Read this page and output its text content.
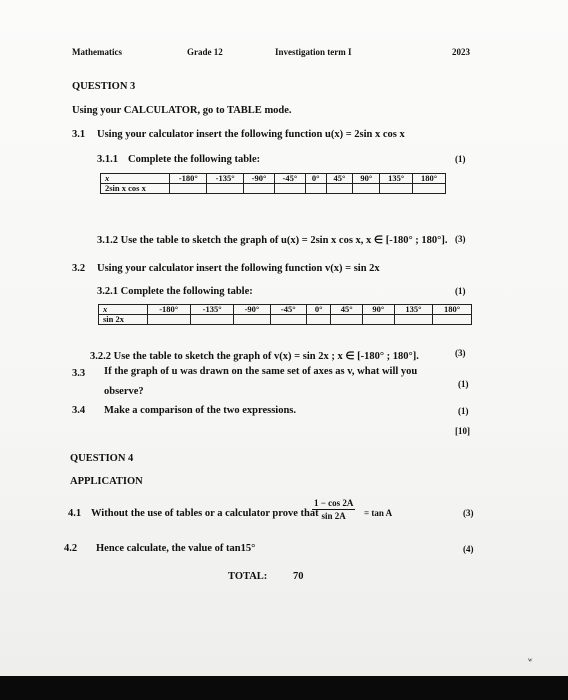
Mathematics	Grade 12	Investigation term I	2023
QUESTION 3
Using your CALCULATOR, go to TABLE mode.
3.1 Using your calculator insert the following function u(x) = 2sin x cos x
3.1.1 Complete the following table:	(1)
x	-180°	-135°	-90°	-45°	0°	45°	90°	135°	180°
2sin x cos x									
3.1.2 Use the table to sketch the graph of u(x) = 2sin x cos x, x ∈ [-180° ; 180°]. (3)
3.2 Using your calculator insert the following function v(x) = sin 2x
3.2.1 Complete the following table:	(1)
x	-180°	-135°	-90°	-45°	0°	45°	90°	135°	180°
sin 2x									
3.2.2 Use the table to sketch the graph of v(x) = sin 2x ; x ∈ [-180° ; 180°].	(3)
3.3 If the graph of u was drawn on the same set of axes as v, what will you
observe?
(1)
3.4 Make a comparison of the two expressions.	(1)
[10]
QUESTION 4
APPLICATION
4.1 Without the use of tables or a calculator prove that
$\frac{1 - \cos 2A}{\sin 2A} = \tan A$	(3)
4.2 Hence calculate, the value of tan15°	(4)
TOTAL: 70
ʷ
